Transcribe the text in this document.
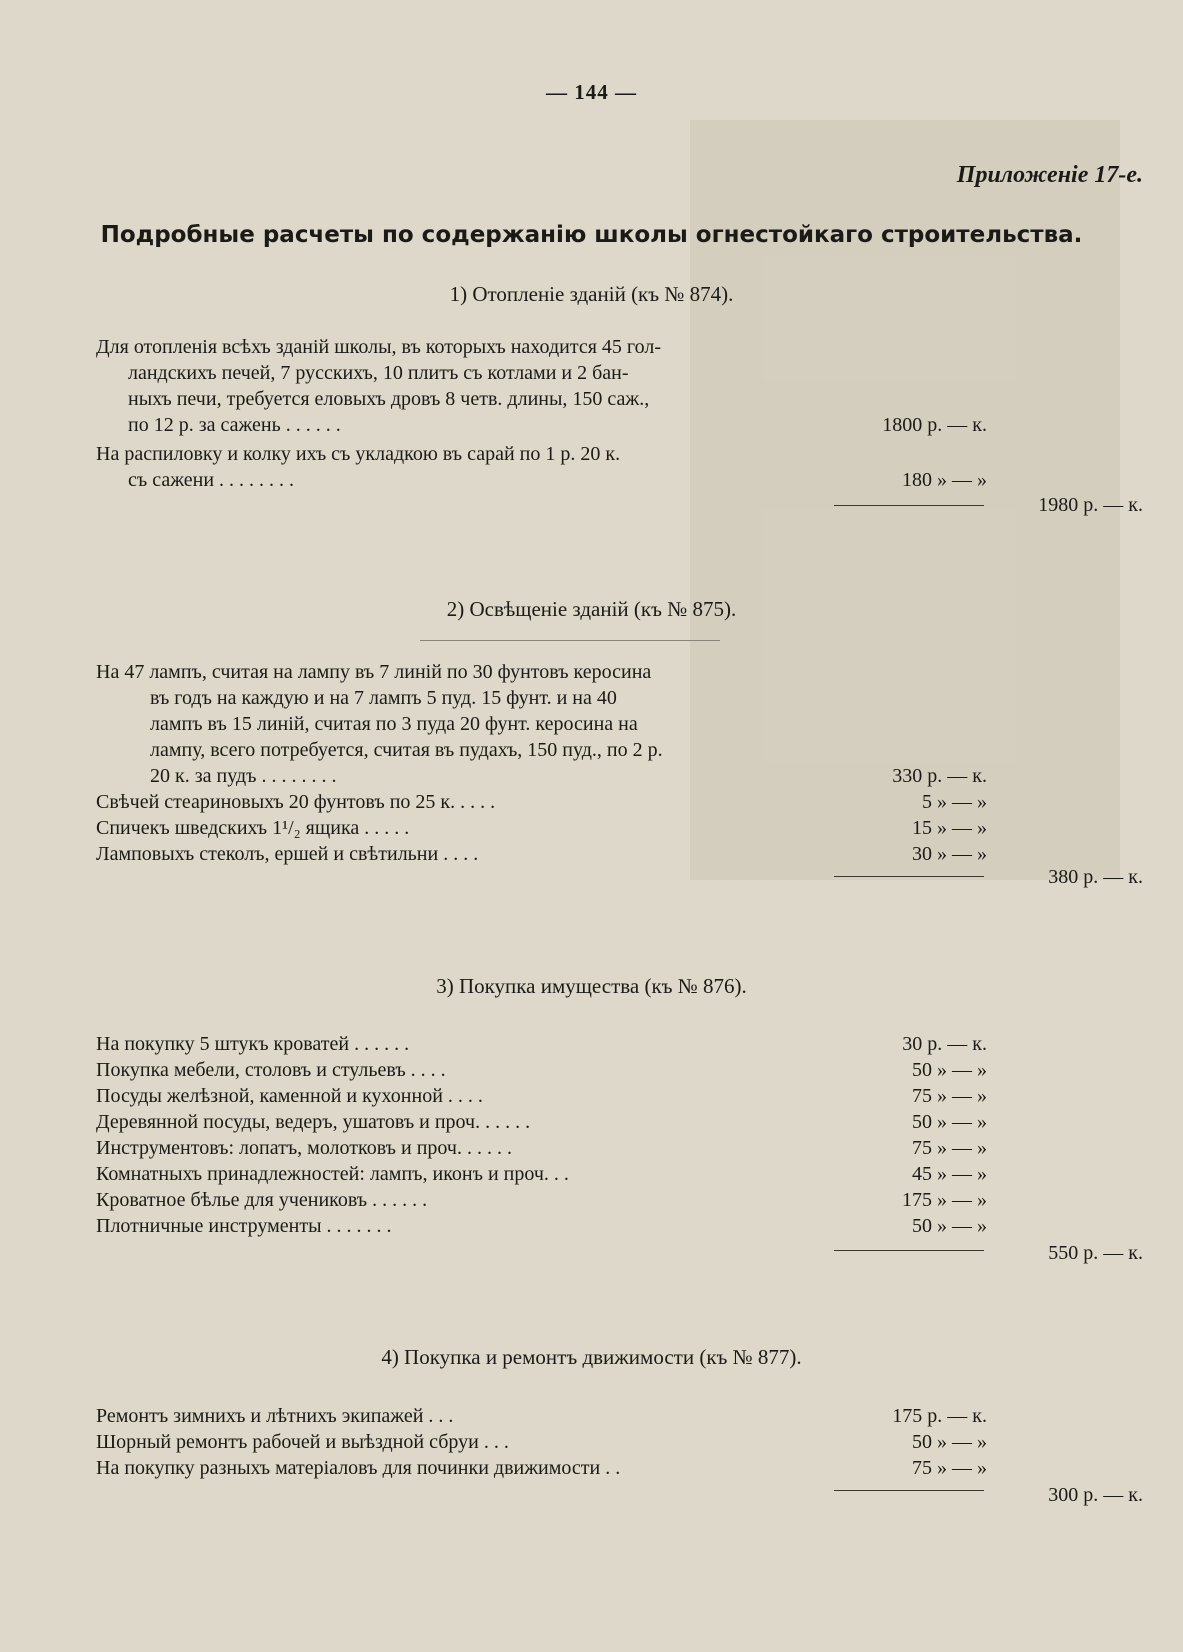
— 144 —
Приложеніе 17-е.
Подробные расчеты по содержанію школы огнестойкаго строительства.
1) Отопленіе зданій (къ № 874).
Для отопленія всѣхъ зданій школы, въ которыхъ находится 45 гол-
ландскихъ печей, 7 русскихъ, 10 плитъ съ котлами и 2 бан-
ныхъ печи, требуется еловыхъ дровъ 8 четв. длины, 150 саж.,
по 12 р. за сажень . . . . . .	1800 р. — к.
На распиловку и колку ихъ съ укладкою въ сарай по 1 р. 20 к.
съ сажени . . . . . . . .	180 » — »
1980 р. — к.
2) Освѣщеніе зданій (къ № 875).
На 47 лампъ, считая на лампу въ 7 линій по 30 фунтовъ керосина
въ годъ на каждую и на 7 лампъ 5 пуд. 15 фунт. и на 40
лампъ въ 15 линій, считая по 3 пуда 20 фунт. керосина на
лампу, всего потребуется, считая въ пудахъ, 150 пуд., по 2 р.
20 к. за пудъ . . . . . . . .	330 р. — к.
Свѣчей стеариновыхъ 20 фунтовъ по 25 к. . . . .	5 » — »
Спичекъ шведскихъ 1¹/₂ ящика . . . . .	15 » — »
Ламповыхъ стеколъ, ершей и свѣтильни . . . .	30 » — »
380 р. — к.
3) Покупка имущества (къ № 876).
На покупку 5 штукъ кроватей . . . . . .	30 р. — к.
Покупка мебели, столовъ и стульевъ . . . .	50 » — »
Посуды желѣзной, каменной и кухонной . . . .	75 » — »
Деревянной посуды, ведеръ, ушатовъ и проч. . . . . .	50 » — »
Инструментовъ: лопатъ, молотковъ и проч. . . . . .	75 » — »
Комнатныхъ принадлежностей: лампъ, иконъ и проч. . .	45 » — »
Кроватное бѣлье для учениковъ . . . . . .	175 » — »
Плотничные инструменты . . . . . . .	50 » — »
550 р. — к.
4) Покупка и ремонтъ движимости (къ № 877).
Ремонтъ зимнихъ и лѣтнихъ экипажей . . .	175 р. — к.
Шорный ремонтъ рабочей и выѣздной сбруи . . .	50 » — »
На покупку разныхъ матеріаловъ для починки движимости . .	75 » — »
300 р. — к.
